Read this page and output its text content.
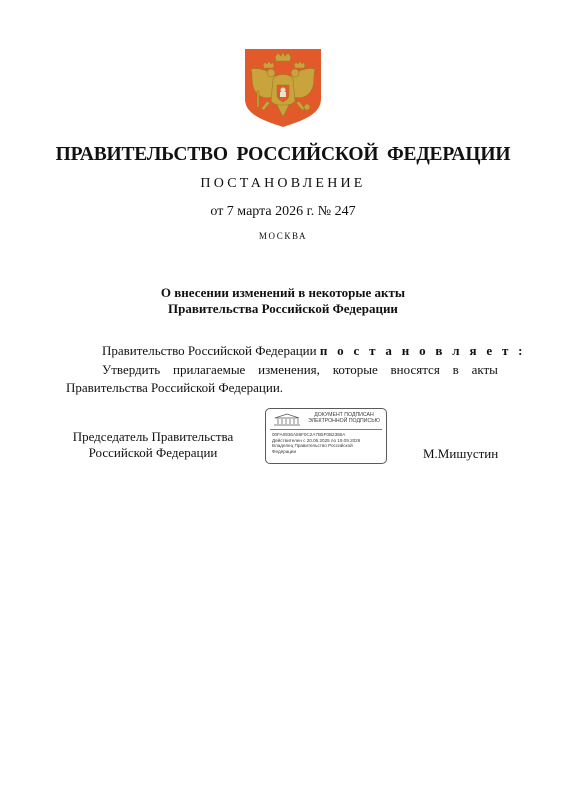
ПРАВИТЕЛЬСТВО РОССИЙСКОЙ ФЕДЕРАЦИИ
ПОСТАНОВЛЕНИЕ
от 7 марта 2026 г. № 247
МОСКВА
О внесении изменений в некоторые акты
Правительства Российской Федерации
Правительство Российской Федерации п о с т а н о в л я е т :
Утвердить прилагаемые изменения, которые вносятся в акты
Правительства Российской Федерации.
Председатель Правительства
Российской Федерации
ДОКУМЕНТ ПОДПИСАН
ЭЛЕКТРОННОЙ ПОДПИСЬЮ
00FA0936A56F0C2A7B5F0B2386A
Действителен с 20.06.2025 по 19.09.2026
Владелец Правительство Российской
Федерации	М.Мишустин
